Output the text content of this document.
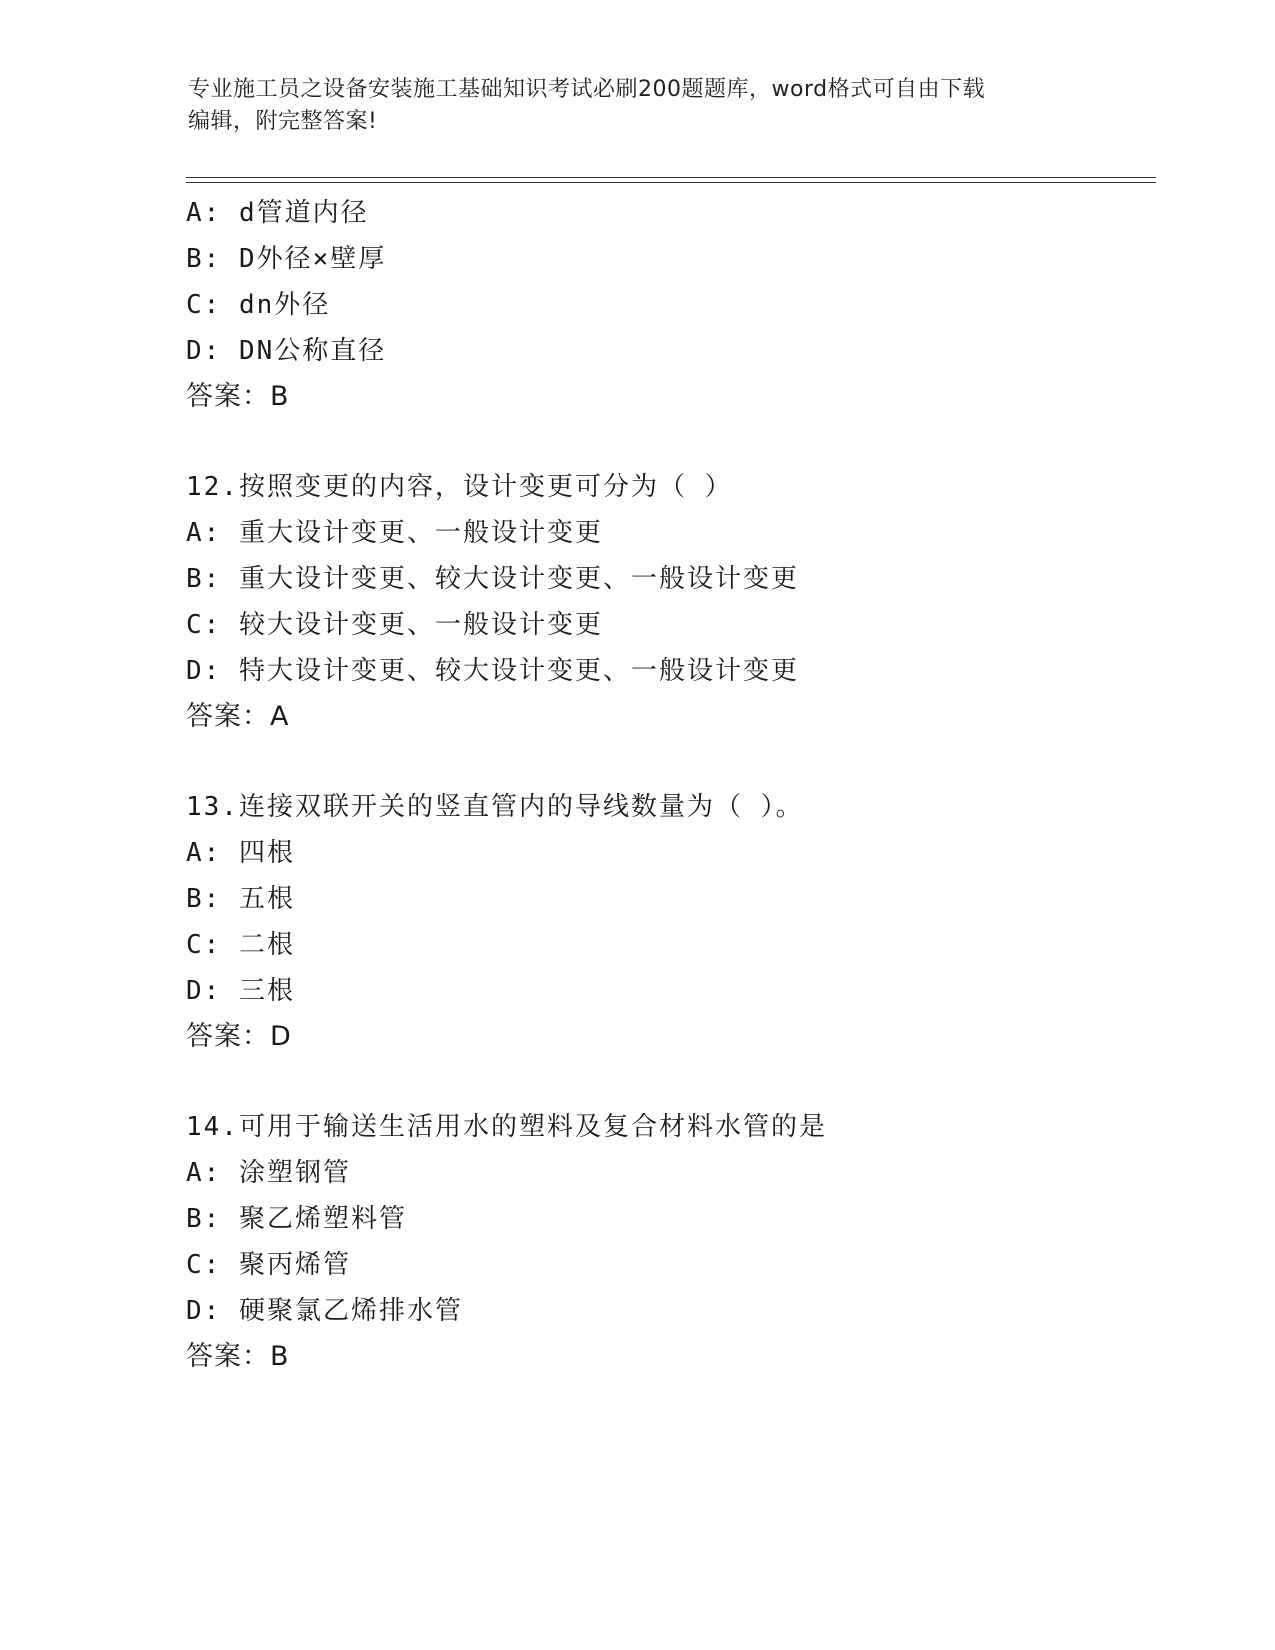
专业施工员之设备安装施工基础知识考试必刷200题题库，word格式可自由下载
编辑，附完整答案!
A: d管道内径
B: D外径×壁厚
C: dn外径
D: DN公称直径
答案：B
12.按照变更的内容，设计变更可分为（ ）
A: 重大设计变更、一般设计变更
B: 重大设计变更、较大设计变更、一般设计变更
C: 较大设计变更、一般设计变更
D: 特大设计变更、较大设计变更、一般设计变更
答案：A
13.连接双联开关的竖直管内的导线数量为（ ）。
A: 四根
B: 五根
C: 二根
D: 三根
答案：D
14.可用于输送生活用水的塑料及复合材料水管的是
A: 涂塑钢管
B: 聚乙烯塑料管
C: 聚丙烯管
D: 硬聚氯乙烯排水管
答案：B
